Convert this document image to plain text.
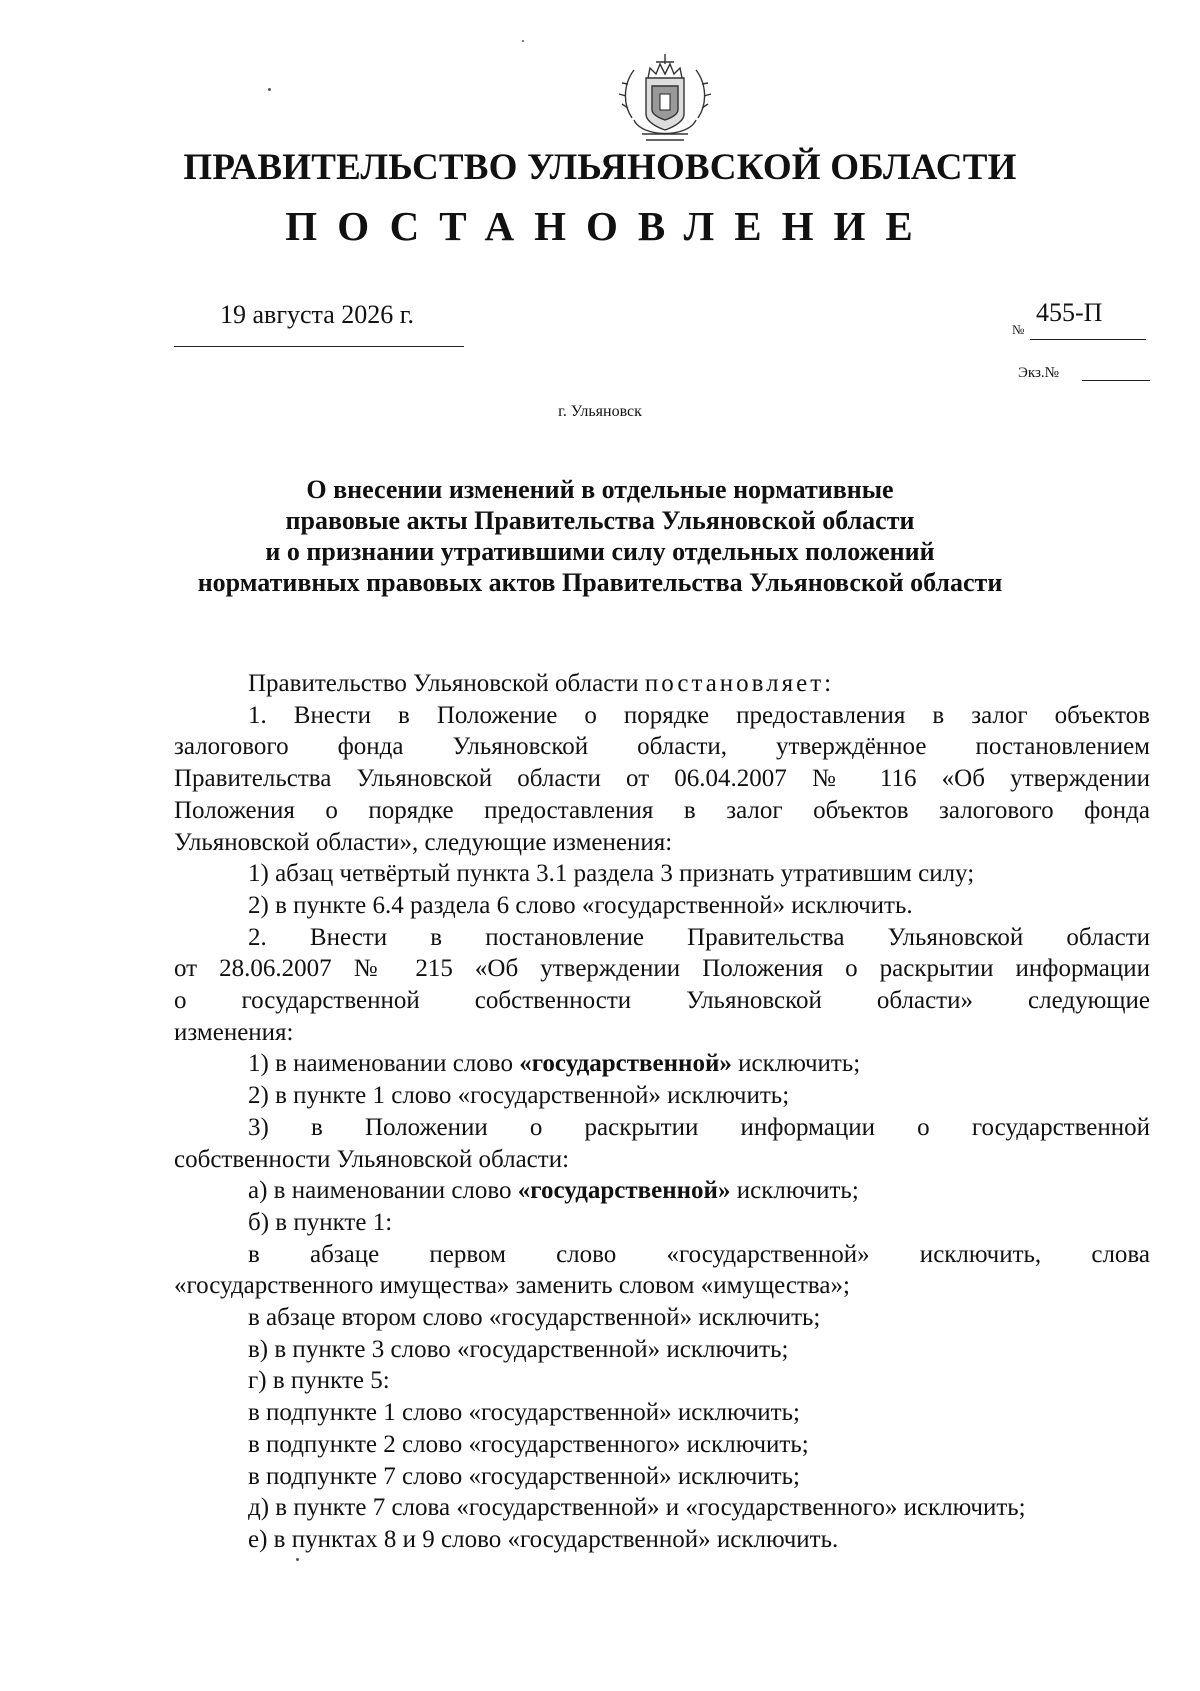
ПРАВИТЕЛЬСТВО УЛЬЯНОВСКОЙ ОБЛАСТИ
ПОСТАНОВЛЕНИЕ
19 августа 2026 г.
№
455-П
Экз.№
г. Ульяновск
О внесении изменений в отдельные нормативные
правовые акты Правительства Ульяновской области
и о признании утратившими силу отдельных положений
нормативных правовых актов Правительства Ульяновской области
Правительство Ульяновской области постановляет:
1. Внести в Положение о порядке предоставления в залог объектов
залогового фонда Ульяновской области, утверждённое постановлением
Правительства Ульяновской области от 06.04.2007 № 116 «Об утверждении
Положения о порядке предоставления в залог объектов залогового фонда
Ульяновской области», следующие изменения:
1) абзац четвёртый пункта 3.1 раздела 3 признать утратившим силу;
2) в пункте 6.4 раздела 6 слово «государственной» исключить.
2. Внести в постановление Правительства Ульяновской области
от 28.06.2007 № 215 «Об утверждении Положения о раскрытии информации
о государственной собственности Ульяновской области» следующие
изменения:
1) в наименовании слово «государственной» исключить;
2) в пункте 1 слово «государственной» исключить;
3) в Положении о раскрытии информации о государственной
собственности Ульяновской области:
а) в наименовании слово «государственной» исключить;
б) в пункте 1:
в абзаце первом слово «государственной» исключить, слова
«государственного имущества» заменить словом «имущества»;
в абзаце втором слово «государственной» исключить;
в) в пункте 3 слово «государственной» исключить;
г) в пункте 5:
в подпункте 1 слово «государственной» исключить;
в подпункте 2 слово «государственного» исключить;
в подпункте 7 слово «государственной» исключить;
д) в пункте 7 слова «государственной» и «государственного» исключить;
е) в пунктах 8 и 9 слово «государственной» исключить.
